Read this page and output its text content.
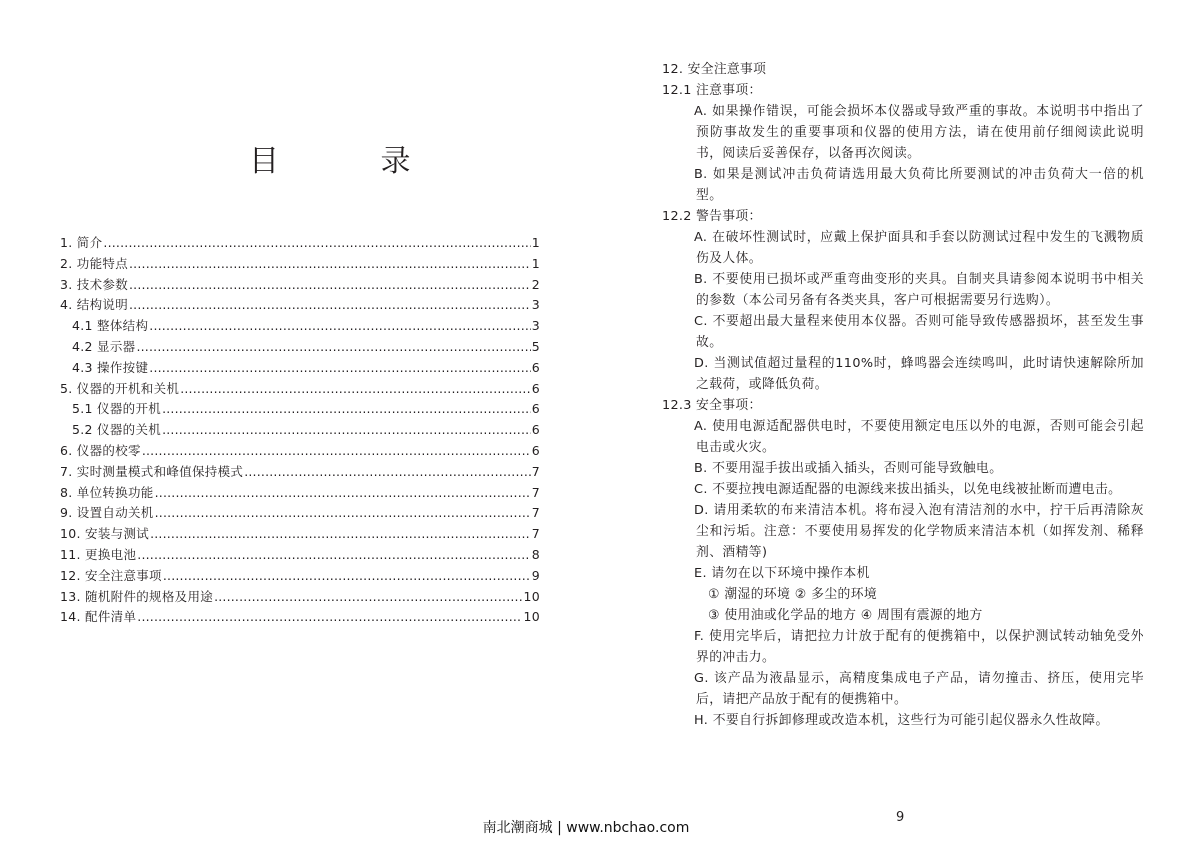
目 录
1. 简介 .....	1
2. 功能特点 .....	1
3. 技术参数 .....	2
4. 结构说明 .....	3
4.1 整体结构 .....	3
4.2 显示器 .....	5
4.3 操作按键 .....	6
5. 仪器的开机和关机 .....	6
5.1 仪器的开机 .....	6
5.2 仪器的关机 .....	6
6. 仪器的校零 .....	6
7. 实时测量模式和峰值保持模式 .....	7
8. 单位转换功能 .....	7
9. 设置自动关机 .....	7
10. 安装与测试 .....	7
11. 更换电池 .....	8
12. 安全注意事项 .....	9
13. 随机附件的规格及用途 .....	10
14. 配件清单 .....	10
12. 安全注意事项
12.1 注意事项：
A. 如果操作错误，可能会损坏本仪器或导致严重的事故。本说明书中指出了预防事故发生的重要事项和仪器的使用方法，请在使用前仔细阅读此说明书，阅读后妥善保存，以备再次阅读。
B. 如果是测试冲击负荷请选用最大负荷比所要测试的冲击负荷大一倍的机型。
12.2 警告事项：
A. 在破坏性测试时，应戴上保护面具和手套以防测试过程中发生的飞溅物质伤及人体。
B. 不要使用已损坏或严重弯曲变形的夹具。自制夹具请参阅本说明书中相关的参数（本公司另备有各类夹具，客户可根据需要另行选购）。
C. 不要超出最大量程来使用本仪器。否则可能导致传感器损坏，甚至发生事故。
D. 当测试值超过量程的110%时，蜂鸣器会连续鸣叫，此时请快速解除所加之载荷，或降低负荷。
12.3 安全事项：
A. 使用电源适配器供电时，不要使用额定电压以外的电源，否则可能会引起电击或火灾。
B. 不要用湿手拔出或插入插头，否则可能导致触电。
C. 不要拉拽电源适配器的电源线来拔出插头，以免电线被扯断而遭电击。
D. 请用柔软的布来清洁本机。将布浸入泡有清洁剂的水中，拧干后再清除灰尘和污垢。注意：不要使用易挥发的化学物质来清洁本机（如挥发剂、稀释剂、酒精等)
E. 请勿在以下环境中操作本机
① 潮湿的环境 ② 多尘的环境
③ 使用油或化学品的地方 ④ 周围有震源的地方
F. 使用完毕后，请把拉力计放于配有的便携箱中，以保护测试转动轴免受外界的冲击力。
G. 该产品为液晶显示，高精度集成电子产品，请勿撞击、挤压，使用完毕后，请把产品放于配有的便携箱中。
H. 不要自行拆卸修理或改造本机，这些行为可能引起仪器永久性故障。
9
南北潮商城 | www.nbchao.com
